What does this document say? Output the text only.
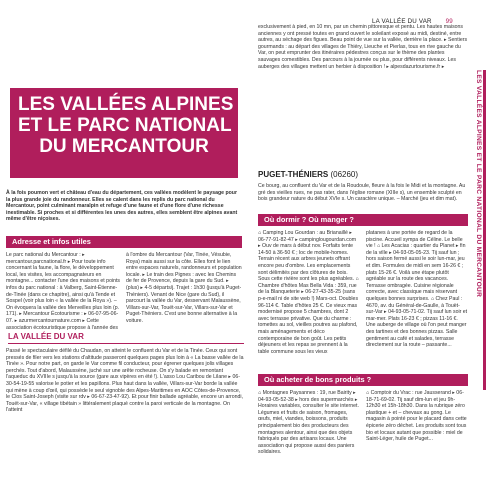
LA VALLÉE DU VAR 99
LES VALLÉES ALPINES ET LE PARC NATIONAL DU MERCANTOUR
exclusivement à pied, en 10 mn, par un chemin pittoresque et pentu. Les hautes maisons anciennes y ont pressé toutes en grand ouvert le soleilant exposé au midi, destiné, entre autres, au séchage des figues. Beau point de vue sur la vallée, derrière la place. ▸ Sentiers gourmands : au départ des villages de Thiéry, Lieuche et Pierlas, tous en rive gauche du Var, on peut emprunter des itinéraires pédestres conçus sur le thème des plantes sauvages comestibles. Des parcours à la journée ou plus, pour différents niveaux. Les auberges des villages mettent un herbier à disposition ! ▸ alpesdazurtourisme.fr ▸
LES VALLÉES ALPINES
ET LE PARC NATIONAL
DU MERCANTOUR
À la fois poumon vert et château d'eau du département, ces vallées modèlent le paysage pour la plus grande joie du randonneur. Elles se calent dans les replis du parc national du Mercantour, point culminant maralpin et refuge d'une faune et d'une flore d'une richesse inestimable. Si proches et si différentes les unes des autres, elles semblent être alpines avant même d'être niçoises.
Adresse et infos utiles
Le parc national du Mercantour : ▸ mercantour.parcnational.fr ▸ Pour toute info concernant la faune, la flore, le développement local, les visites, les accompagnateurs en montagne... contacter l'une des maisons et points infos du parc national : à Valberg, Saint-Étienne-de-Tinée (dans ce chapitre), ainsi qu'à Tende et Sospel (voir plus loin « la vallée de la Roya »). – On évoquera la vallée des Merveilles plus loin (p. 171). ▸ Mercantour Écotourisme : ▸ 06-07-95-06-07. ▸ azurmercantournature.com ▸ Cette association écotouristique propose à l'année des
à l'ombre du Mercantour (Var, Tinée, Vésubie, Roya) mais aussi sur la côte. Elles font le lien entre espaces naturels, randonneurs et population locale. ▸ Le train des Pignes : avec les Chemins de fer de Provence, depuis la gare du Sud. ▸ (plus) ▸ 4-5 départs/j. Trajet : 1h30 (jusqu'à Puget-Théniers). Venant de Nice (gare du Sud), il parcourt la vallée du Var, desservant Malaussène, Villars-sur-Var, Touët-sur-Var, Villars-sur-Var et Puget-Théniers. C'est une bonne alternative à la voiture.
LA VALLÉE DU VAR
Passé le spectaculaire défilé du Chaudan, on atteint le confluent du Var et de la Tinée. Ceux qui sont pressés de filer vers les stations d'altitude passeront quelques pages plus loin à « La basse vallée de la Tinée ». Pour notre part, on garde le Var comme fil conducteur, pour égrener quelques jolis villages perchés. Tout d'abord, Malaussène, juché sur une arête rocheuse. On s'y balade en remontant l'aqueduc du XVIIIe s jusqu'à la source (gare aux vipères en été !). L'asso Lou Caribou de Lilane ▸ 06-30-54-19-55 valorise le potier et les papillons. Plus haut dans la vallée, Villars-sur-Var borde la vallée qui mène à coup d'œil, qui possède le seul vignoble des Alpes-Maritimes en AOC Côtes-de-Provence, le Clos Saint-Joseph (visite sur rdv ▸ 06-67-23-47-92). Et pour finir ballade agréable, encore un arrondi, Touët-sur-Var, « village tibétain » littéralement plaqué contre la paroi verticale de la montagne. On l'atteint
PUGET-THÉNIERS (06260)
Ce bourg, au confluent du Var et de la Roudoule, fleure à la fois le Midi et la montagne. Au gré des vieilles rues, ne pas rater, dans l'église romane (XIIIe s), un ensemble sculpté en bois grandeur nature du début XVIe s. Un caractère unique. – Marché (jeu et dim mat).
Où dormir ? Où manger ?
⌂ Camping Lou Gourdan : au Brianaillé ▸ 06-77-91-82-47 ▸ campinglougourdan.com ▸ Ouv de mars à début nov. Forfaits tente 14-50 à 36-50 € ; loc de mobile-homes. Terrain récent aux arbres jeunets offrant encore peu d'ombre. Les emplacements sont délimités par des clôtures de bois. Sous cette rivière sont les plus agréables. ⌂ Chambre d'hôtes Mas Bella Vida : 359, rue de la Blanqueterie ▸ 06-27-43-35-25 (sans p-e-mail ni de site web !) Mars-oct. Doubles 96-114 €. Table d'hôtes 25 €. Ce vieux mas modernisé propose 5 chambres, dont 2 avec terrasse privative. Que du charme : tomettes au sol, vieilles poutres au plafond, mais aménagements et déco contemporaine de bon goût. Les petits déjeuners et les repas se prennent à la table commune sous les vieux
platanes à une portée de regard de la piscine. Accueil sympa de Céline. Le belle vie ! ⌂ Les Acacias : quartier du Planet ▸ fin de la ville ▸ 04-93-05-05-23. Tij sauf lun ; hors saison fermé aussi le soir lun-mar, jeu et dim. Formules de midi en sem 16-26 € ; plats 15-26 €. Voilà une étape plutôt agréable sur la route des vacances. Terrasse ombragée. Cuisine régionale correcte, avec classique mais réservant quelques bonnes surprises. ⌂ Chez Paul : 4670, av. du Général-de-Gaulle, à Touët-sur-Var ▸ 04-93-05-71-02. Tij sauf lun soir et mar-mer. Plats 16-23 € ; pizzas 11-16 €. Une auberge de village où l'on peut manger des tartines et des bonnes pizzas. Salle gentiment au café et salades, terrasse directement sur la route – passante...
Où acheter de bons produits ?
⌂ Montagnes Paysannes : 19, rue Bairity ▸ 04-93-05-52-38 ▸ hors des supermarchés ▸ Horaires variables, consulter le site internet. Légumes et fruits de saison, fromages, œufs, miel, viandes, boissons, produits principalement bio des producteurs des montagnes alentour, ainsi que des objets fabriqués par des artisans locaux. Une association qui propose aussi des paniers solidaires.
⌂ Comptoir du Vrac : rue Jausserand ▸ 06-18-71-69-02. Tij sauf dim-lun et jeu 9h-12h30 et 15h-18h30. Dans la rubrique zéro plastique + et – chevaux au gong. Le magasin à pointé pour le placard dans cette épicerie zéro déchet. Les produits sont tous bio et locaux autant que possible : miel de Saint-Léger, huile de Puget...
